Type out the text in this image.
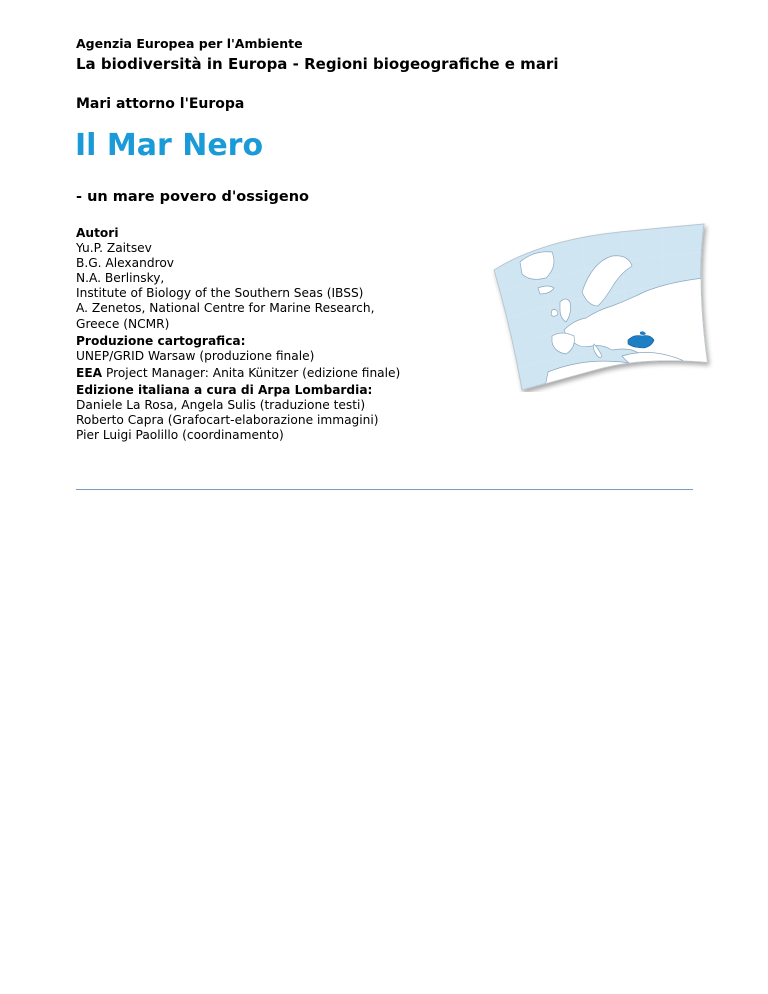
Agenzia Europea per l'Ambiente
La biodiversità in Europa - Regioni biogeografiche e mari
Mari attorno l'Europa
Il Mar Nero
- un mare povero d'ossigeno
Autori
Yu.P. Zaitsev
B.G. Alexandrov
N.A. Berlinsky,
Institute of Biology of the Southern Seas (IBSS)
A. Zenetos, National Centre for Marine Research,
Greece (NCMR)
Produzione cartografica:
UNEP/GRID Warsaw (produzione finale)
EEA Project Manager: Anita Künitzer (edizione finale)
Edizione italiana a cura di Arpa Lombardia:
Daniele La Rosa, Angela Sulis (traduzione testi)
Roberto Capra (Grafocart-elaborazione immagini)
Pier Luigi Paolillo (coordinamento)
